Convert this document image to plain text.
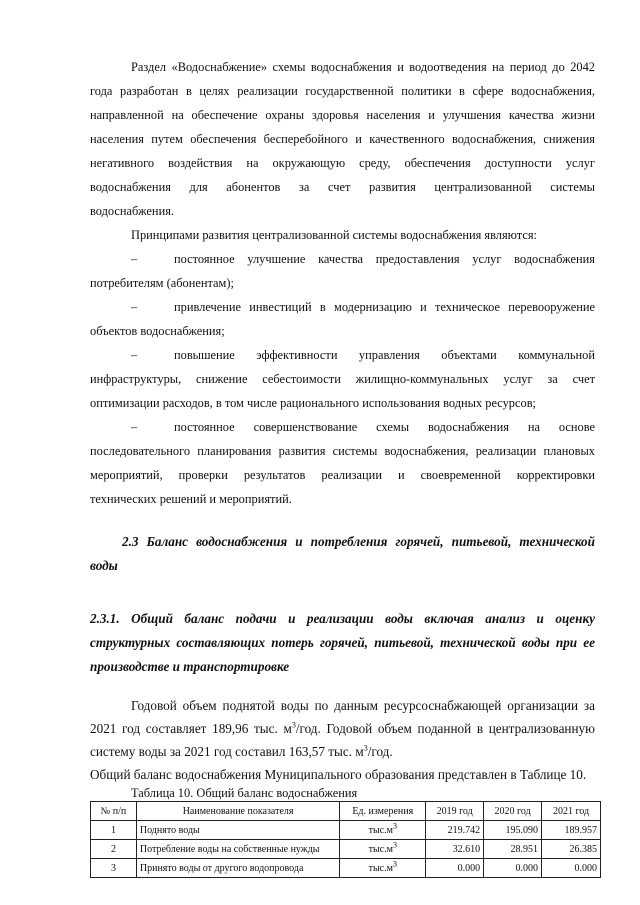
Раздел «Водоснабжение» схемы водоснабжения и водоотведения на период до 2042
года разработан в целях реализации государственной политики в сфере водоснабжения,
направленной на обеспечение охраны здоровья населения и улучшения качества жизни
населения путем обеспечения бесперебойного и качественного водоснабжения, снижения
негативного воздействия на окружающую среду, обеспечения доступности услуг
водоснабжения для абонентов за счет развития централизованной системы
водоснабжения.
Принципами развития централизованной системы водоснабжения являются:
–	постоянное улучшение качества предоставления услуг водоснабжения
потребителям (абонентам);
–	привлечение инвестиций в модернизацию и техническое перевооружение
объектов водоснабжения;
–	повышение эффективности управления объектами коммунальной
инфраструктуры, снижение себестоимости жилищно-коммунальных услуг за счет
оптимизации расходов, в том числе рационального использования водных ресурсов;
–	постоянное совершенствование схемы водоснабжения на основе
последовательного планирования развития системы водоснабжения, реализации плановых
мероприятий, проверки результатов реализации и своевременной корректировки
технических решений и мероприятий.
2.3 Баланс водоснабжения и потребления горячей, питьевой, технической
воды
2.3.1. Общий баланс подачи и реализации воды включая анализ и оценку
структурных составляющих потерь горячей, питьевой, технической воды при ее
производстве и транспортировке
Годовой объем поднятой воды по данным ресурсоснабжающей организации за
2021 год составляет 189,96 тыс. $м^3$/год. Годовой объем поданной в централизованную
систему воды за 2021 год составил 163,57 тыс. $м^3$/год.
Общий баланс водоснабжения Муниципального образования представлен в Таблице 10.
Таблица 10. Общий баланс водоснабжения
№ п/п	Наименование показателя	Ед. измерения	2019 год	2020 год	2021 год
1	Поднято воды	$тыс.м^3$	219.742	195.090	189.957
2	Потребление воды на собственные нужды	$тыс.м^3$	32.610	28.951	26.385
3	Принято воды от другого водопровода	$тыс.м^3$	0.000	0.000	0.000
